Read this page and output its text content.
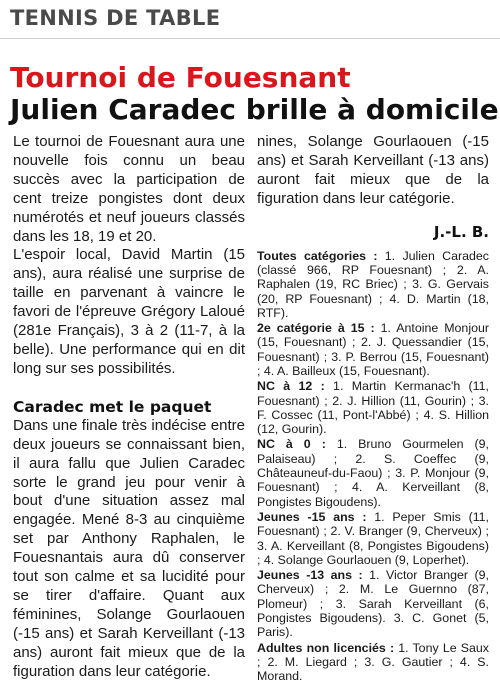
TENNIS DE TABLE
Tournoi de Fouesnant
Julien Caradec brille à domicile

Le tournoi de Fouesnant aura une nouvelle fois connu un beau succès avec la participation de cent treize pongistes dont deux numérotés et neuf joueurs classés dans les 18, 19 et 20.

L'espoir local, David Martin (15 ans), aura réalisé une surprise de taille en parvenant à vaincre le favori de l'épreuve Grégory Laloué (281e Français), 3 à 2 (11-7, à la belle). Une performance qui en dit long sur ses possibilités.

Caradec met le paquet

Dans une finale très indécise entre deux joueurs se connaissant bien, il aura fallu que Julien Caradec sorte le grand jeu pour venir à bout d'une situation assez mal engagée. Mené 8-3 au cinquième set par Anthony Raphalen, le Fouesnantais aura dû conserver tout son calme et sa lucidité pour se tirer d'affaire. Quant aux féminines, Solange Gourlaouen (-15 ans) et Sarah Kerveillant (-13 ans) auront fait mieux que de la figuration dans leur catégorie.

nines, Solange Gourlaouen (-15 ans) et Sarah Kerveillant (-13 ans) auront fait mieux que de la figuration dans leur catégorie.

J.-L. B.

Toutes catégories : 1. Julien Caradec (classé 966, RP Fouesnant) ; 2. A. Raphalen (19, RC Briec) ; 3. G. Gervais (20, RP Fouesnant) ; 4. D. Martin (18, RTF).

2e catégorie à 15 : 1. Antoine Monjour (15, Fouesnant) ; 2. J. Quessandier (15, Fouesnant) ; 3. P. Berrou (15, Fouesnant) ; 4. A. Bailleux (15, Fouesnant).

NC à 12 : 1. Martin Kermanac'h (11, Fouesnant) ; 2. J. Hillion (11, Gourin) ; 3. F. Cossec (11, Pont-l'Abbé) ; 4. S. Hillion (12, Gourin).

NC à 0 : 1. Bruno Gourmelen (9, Palaiseau) ; 2. S. Coeffec (9, Châteauneuf-du-Faou) ; 3. P. Monjour (9, Fouesnant) ; 4. A. Kerveillant (8, Pongistes Bigoudens).

Jeunes -15 ans : 1. Peper Smis (11, Fouesnant) ; 2. V. Branger (9, Cherveux) ; 3. A. Kerveillant (8, Pongistes Bigoudens) ; 4. Solange Gourlaouen (9, Loperhet).

Jeunes -13 ans : 1. Victor Branger (9, Cherveux) ; 2. M. Le Guernno (87, Plomeur) ; 3. Sarah Kerveillant (6, Pongistes Bigoudens). 3. C. Gonet (5, Paris).

Adultes non licenciés : 1. Tony Le Saux ; 2. M. Liegard ; 3. G. Gautier ; 4. S. Morand.
